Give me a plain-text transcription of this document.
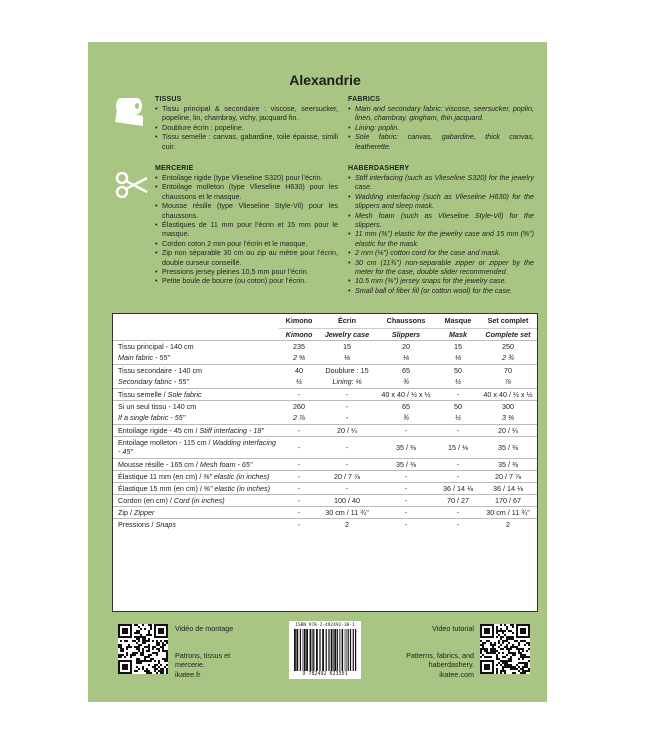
Alexandrie
TISSUS
• Tissu principal & secondaire : viscose, seersucker, popeline, lin, chambray, vichy, jacquard fin.
• Doublure écrin : popeline.
• Tissu semelle : canvas, gabardine, toile épaisse, simili cuir.
FABRICS
• Main and secondary fabric: viscose, seersucker, poplin, linen, chambray, gingham, thin jacquard.
• Lining: poplin.
• Sole fabric: canvas, gabardine, thick canvas, leatherette.
MERCERIE
• Entoilage rigide (type Vlieseline S320) pour l’écrin.
• Entoilage molleton (type Vlieseline H630) pour les chaussons et le masque.
• Mousse résille (type Vlieseline Style-Vil) pour les chaussons.
• Élastiques de 11 mm pour l’écrin et 15 mm pour le masque.
• Cordon coton 2 mm pour l’écrin et le masque.
• Zip non séparable 30 cm ou zip au mètre pour l’écrin, double curseur conseillé.
• Pressions jersey pleines 10,5 mm pour l’écrin.
• Petite boule de bourre (ou coton) pour l’écrin.
HABERDASHERY
• Stiff interfacing (such as Vlieseline S320) for the jewelry case.
• Wadding interfacing (such as Vlieseline H630) for the slippers and sleep mask.
• Mesh foam (such as Vlieseline Style-Vil) for the slippers.
• 11 mm (⅜") elastic for the jewelry case and 15 mm (⅝") elastic for the mask.
• 2 mm (⅛") cotton cord for the case and mask.
• 30 cm (11¾") non-separable zipper or zipper by the meter for the case, double slider recommended.
• 10.5 mm (⅜") jersey snaps for the jewelry case.
• Small ball of fiber fill (or cotton wool) for the case.
	Kimono	Écrin	Chaussons	Masque	Set complet
	Kimono	Jewelry case	Slippers	Mask	Complete set
Tissu principal - 140 cm	235	15	20	15	250
Main fabric - 55"	2 ⅝	⅛	⅛	⅛	2 ¾
Tissu secondaire - 140 cm	40	Doublure : 15	65	50	70
Secondary fabric - 55"	½	Lining: ⅛	¾	½	⅞
Tissu semelle / Sole fabric	-	-	40 x 40 / ½ x ½	-	40 x 40 / ½ x ½
Si un seul tissu - 140 cm	260	-	65	50	300
If a single fabric - 55"	2 ⅞	-	¾	½	3 ⅜
Entoilage rigide - 45 cm / Stiff interfacing - 18"	-	20 / ¼	-	-	20 / ¼
Entoilage molleton - 115 cm / Wadding interfacing - 45"	-	-	35 / ⅜	15 / ⅛	35 / ⅜
Mousse résille - 165 cm / Mesh foam - 65"	-	-	35 / ⅜	-	35 / ⅜
Élastique 11 mm (en cm) / ⅜" elastic (in inches)	-	20 / 7 ⅞	-	-	20 / 7 ⅞
Élastique 15 mm (en cm) / ⅝" elastic (in inches)	-	-	-	36 / 14 ⅛	36 / 14 ⅛
Cordon (en cm) / Cord (in inches)	-	100 / 40	-	70 / 27	170 / 67
Zip / Zipper	-	30 cm / 11 ¾"	-	-	30 cm / 11 ¾"
Pressions / Snaps	-	2	-	-	2
Vidéo de montage
Patrons, tissus et
mercerie.
ikatee.fr
ISBN 978-2-492492-30-1
9 782492 623301
Video tutorial
Patterns, fabrics, and
haberdashery.
ikatee.com
